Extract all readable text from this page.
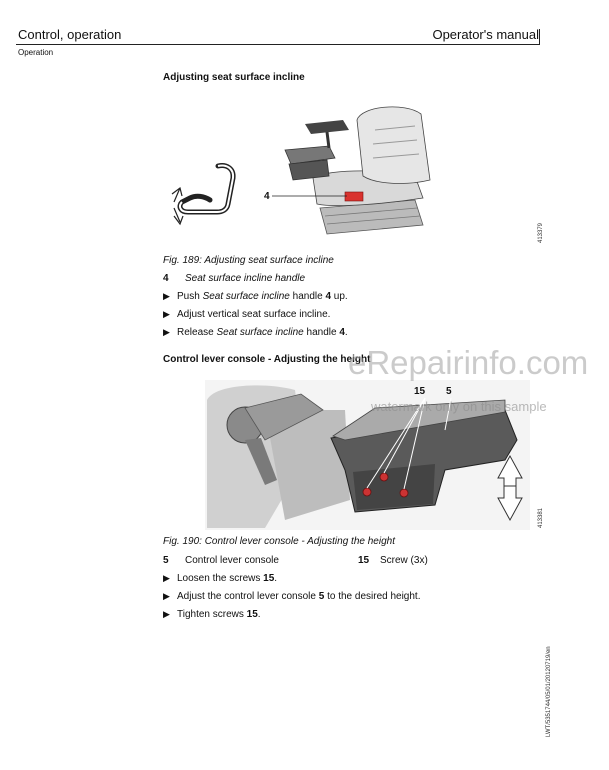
Control, operation	Operator's manual
Operation
Adjusting seat surface incline
4
413379
Fig. 189: Adjusting seat surface incline
4 Seat surface incline handle
▶ Push Seat surface incline handle 4 up.
▶ Adjust vertical seat surface incline.
▶ Release Seat surface incline handle 4.
Control lever console - Adjusting the height
15 5
413381
Fig. 190: Control lever console - Adjusting the height
5 Control lever console	15 Screw (3x)
▶ Loosen the screws 15.
▶ Adjust the control lever console 5 to the desired height.
▶ Tighten screws 15.
eRepairinfo.com
watermark only on this sample
LWT/5351744/05/01/20120719/en
